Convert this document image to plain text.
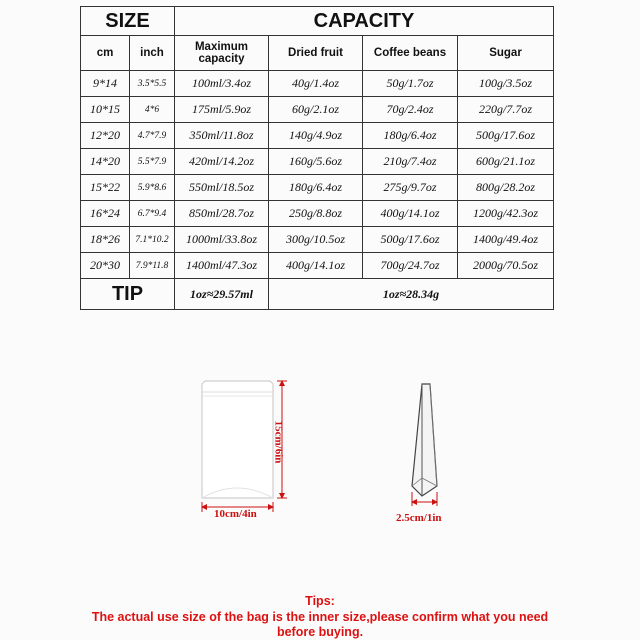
SIZE		CAPACITY			
cm	inch	Maximum capacity	Dried fruit	Coffee beans	Sugar
9*14	3.5*5.5	100ml/3.4oz	40g/1.4oz	50g/1.7oz	100g/3.5oz
10*15	4*6	175ml/5.9oz	60g/2.1oz	70g/2.4oz	220g/7.7oz
12*20	4.7*7.9	350ml/11.8oz	140g/4.9oz	180g/6.4oz	500g/17.6oz
14*20	5.5*7.9	420ml/14.2oz	160g/5.6oz	210g/7.4oz	600g/21.1oz
15*22	5.9*8.6	550ml/18.5oz	180g/6.4oz	275g/9.7oz	800g/28.2oz
16*24	6.7*9.4	850ml/28.7oz	250g/8.8oz	400g/14.1oz	1200g/42.3oz
18*26	7.1*10.2	1000ml/33.8oz	300g/10.5oz	500g/17.6oz	1400g/49.4oz
20*30	7.9*11.8	1400ml/47.3oz	400g/14.1oz	700g/24.7oz	2000g/70.5oz
TIP		1oz≈29.57ml	1oz≈28.34g		
10cm/4in
15cm/6in
2.5cm/1in
Tips:
The actual use size of the bag is the inner size,please confirm what you need
before buying.
